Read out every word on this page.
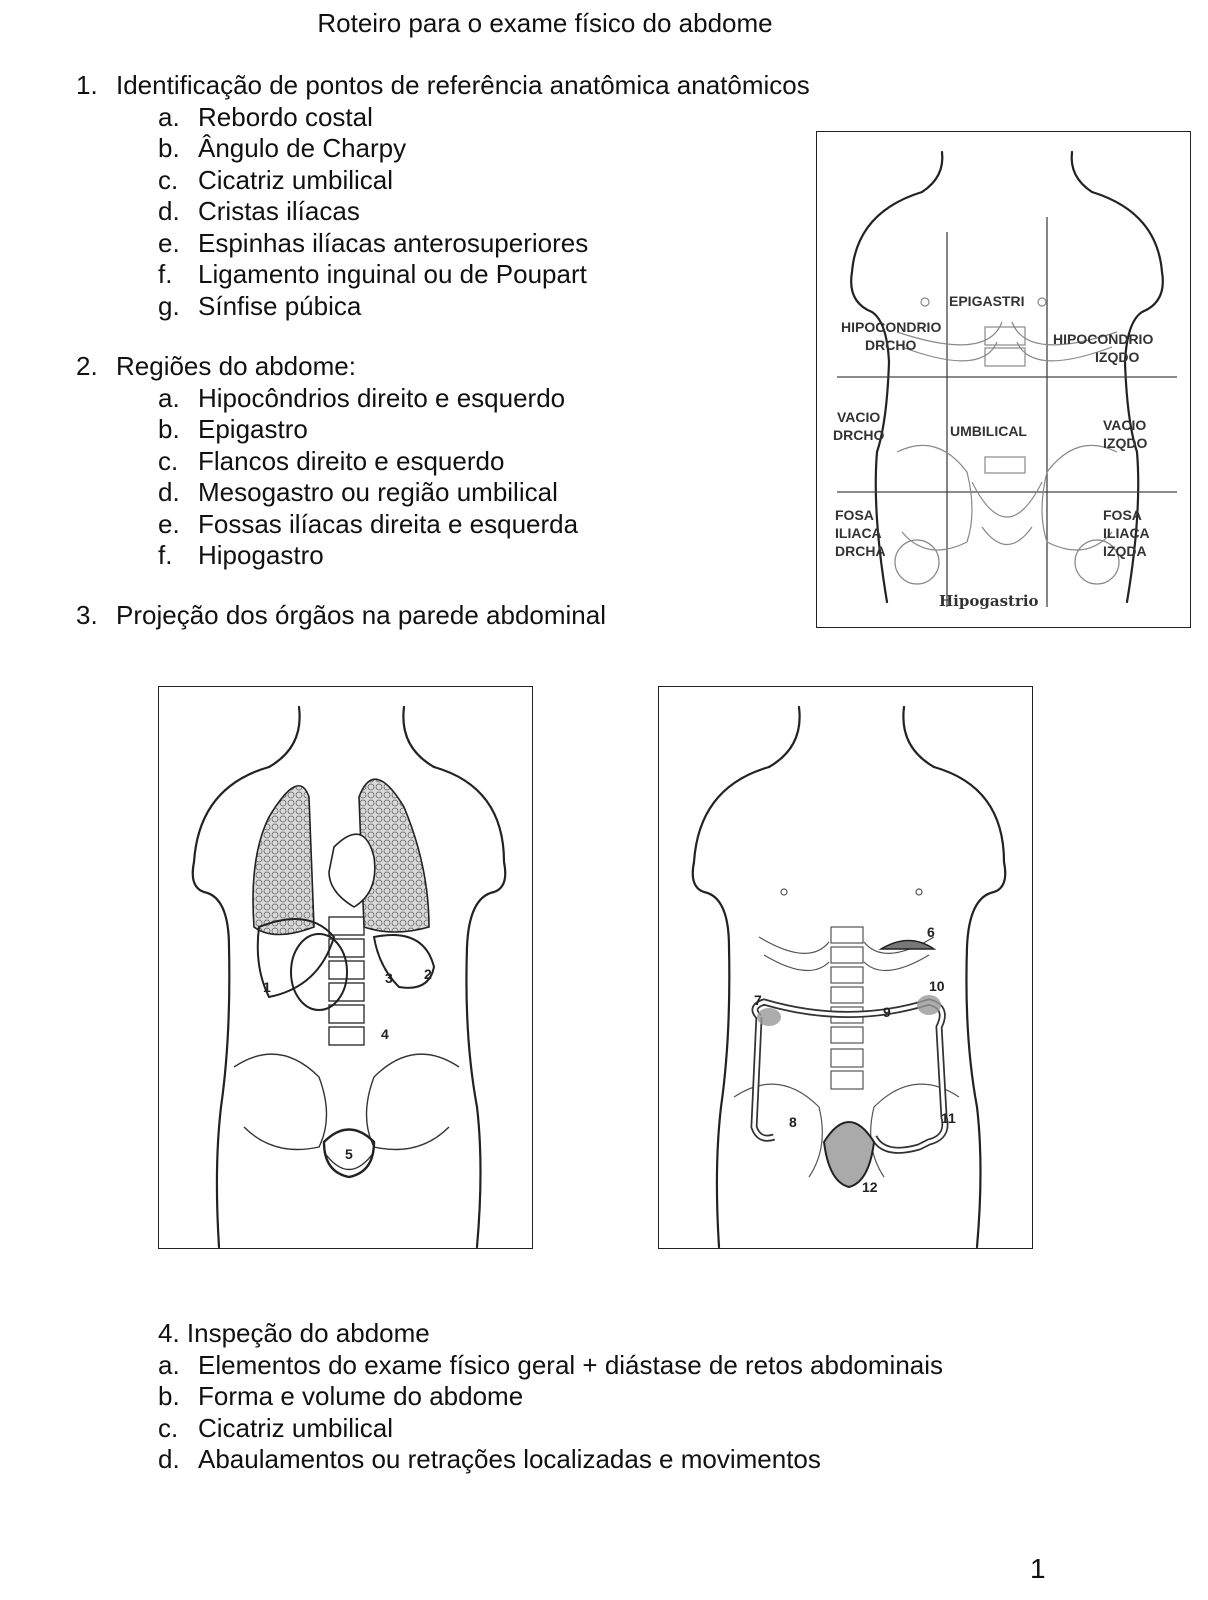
Roteiro para o exame físico do abdome
1. Identificação de pontos de referência anatômica anatômicos
a. Rebordo costal
b. Ângulo de Charpy
c. Cicatriz umbilical
d. Cristas ilíacas
e. Espinhas ilíacas anterosuperiores
f. Ligamento inguinal ou de Poupart
g. Sínfise púbica
2. Regiões do abdome:
a. Hipocôndrios direito e esquerdo
b. Epigastro
c. Flancos direito e esquerdo
d. Mesogastro ou região umbilical
e. Fossas ilíacas direita e esquerda
f. Hipogastro
3. Projeção dos órgãos na parede abdominal
EPIGASTRI
HIPOCONDRIO
DRCHO	HIPOCONDRIO
IZQDO
VACIO
DRCHO	UMBILICAL	VACIO
IZQDO
FOSA
ILIACA
DRCHA
FOSA
ILIACA
IZQDA
Hipogastrio
1
2
3
4
5
6
7
8
9
10
11
12
4. Inspeção do abdome
a. Elementos do exame físico geral + diástase de retos abdominais
b. Forma e volume do abdome
c. Cicatriz umbilical
d. Abaulamentos ou retrações localizadas e movimentos
1
